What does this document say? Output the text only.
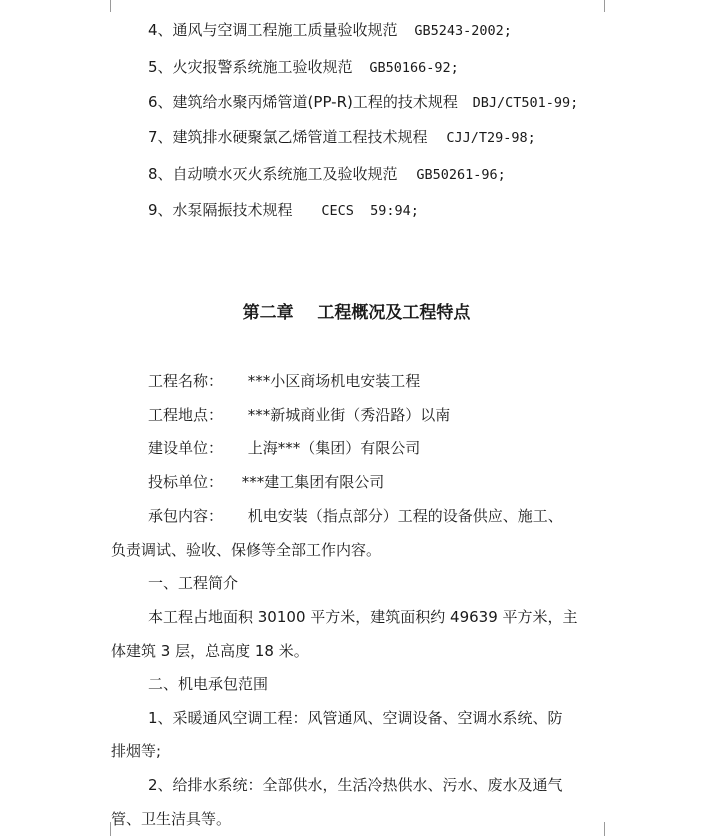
4、通风与空调工程施工质量验收规范 GB5243-2002;
5、火灾报警系统施工验收规范 GB50166-92;
6、建筑给水聚丙烯管道(PP-R)工程的技术规程 DBJ/CT501-99;
7、建筑排水硬聚氯乙烯管道工程技术规程 CJJ/T29-98;
8、自动喷水灭火系统施工及验收规范 GB50261-96;
9、水泵隔振技术规程 CECS  59:94;
第二章    工程概况及工程特点
工程名称： ***小区商场机电安装工程
工程地点： ***新城商业街（秀沿路）以南
建设单位： 上海***（集团）有限公司
投标单位： ***建工集团有限公司
承包内容： 机电安装（指点部分）工程的设备供应、施工、
负责调试、验收、保修等全部工作内容。
一、工程简介
本工程占地面积 30100 平方米，建筑面积约 49639 平方米，主
体建筑 3 层，总高度 18 米。
二、机电承包范围
1、采暖通风空调工程：风管通风、空调设备、空调水系统、防
排烟等;
2、给排水系统：全部供水，生活冷热供水、污水、废水及通气
管、卫生洁具等。
